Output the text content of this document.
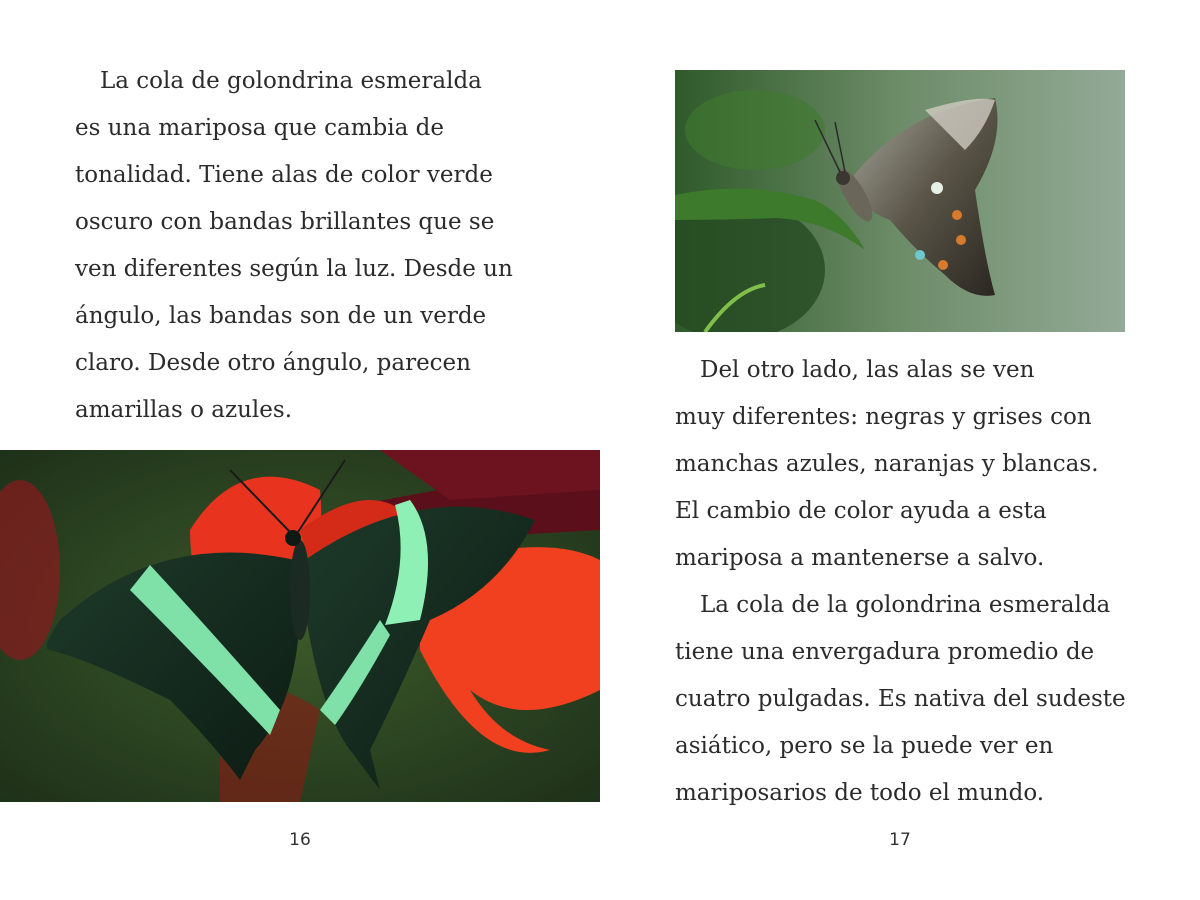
La cola de golondrina esmeralda
es una mariposa que cambia de
tonalidad. Tiene alas de color verde
oscuro con bandas brillantes que se
ven diferentes según la luz. Desde un
ángulo, las bandas son de un verde
claro. Desde otro ángulo, parecen
amarillas o azules.
16
Del otro lado, las alas se ven
muy diferentes: negras y grises con
manchas azules, naranjas y blancas.
El cambio de color ayuda a esta
mariposa a mantenerse a salvo.
La cola de la golondrina esmeralda
tiene una envergadura promedio de
cuatro pulgadas. Es nativa del sudeste
asiático, pero se la puede ver en
mariposarios de todo el mundo.
17
